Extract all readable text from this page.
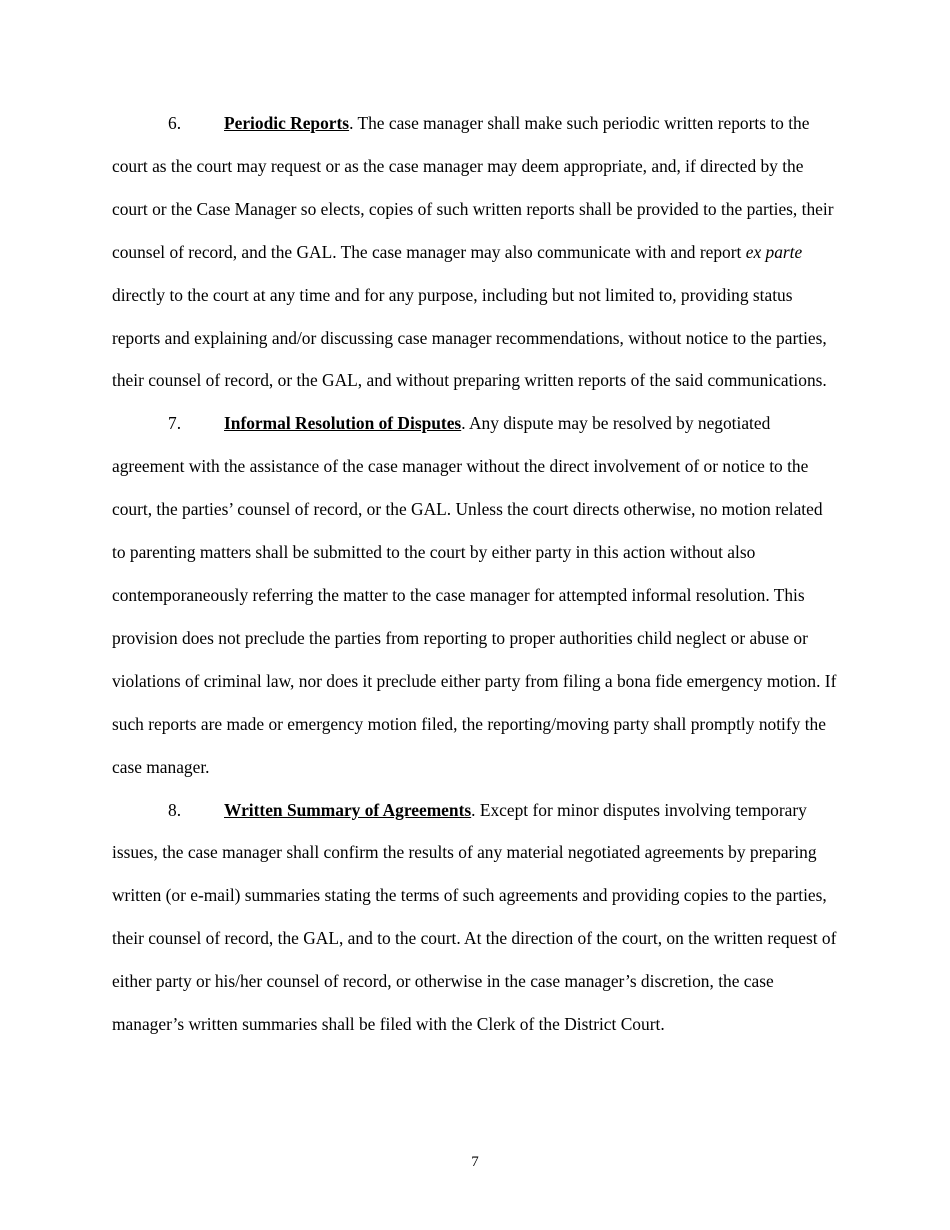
6. Periodic Reports. The case manager shall make such periodic written reports to the court as the court may request or as the case manager may deem appropriate, and, if directed by the court or the Case Manager so elects, copies of such written reports shall be provided to the parties, their counsel of record, and the GAL. The case manager may also communicate with and report ex parte directly to the court at any time and for any purpose, including but not limited to, providing status reports and explaining and/or discussing case manager recommendations, without notice to the parties, their counsel of record, or the GAL, and without preparing written reports of the said communications.

7. Informal Resolution of Disputes. Any dispute may be resolved by negotiated agreement with the assistance of the case manager without the direct involvement of or notice to the court, the parties’ counsel of record, or the GAL. Unless the court directs otherwise, no motion related to parenting matters shall be submitted to the court by either party in this action without also contemporaneously referring the matter to the case manager for attempted informal resolution. This provision does not preclude the parties from reporting to proper authorities child neglect or abuse or violations of criminal law, nor does it preclude either party from filing a bona fide emergency motion. If such reports are made or emergency motion filed, the reporting/moving party shall promptly notify the case manager.

8. Written Summary of Agreements. Except for minor disputes involving temporary issues, the case manager shall confirm the results of any material negotiated agreements by preparing written (or e-mail) summaries stating the terms of such agreements and providing copies to the parties, their counsel of record, the GAL, and to the court. At the direction of the court, on the written request of either party or his/her counsel of record, or otherwise in the case manager’s discretion, the case manager’s written summaries shall be filed with the Clerk of the District Court.

7
